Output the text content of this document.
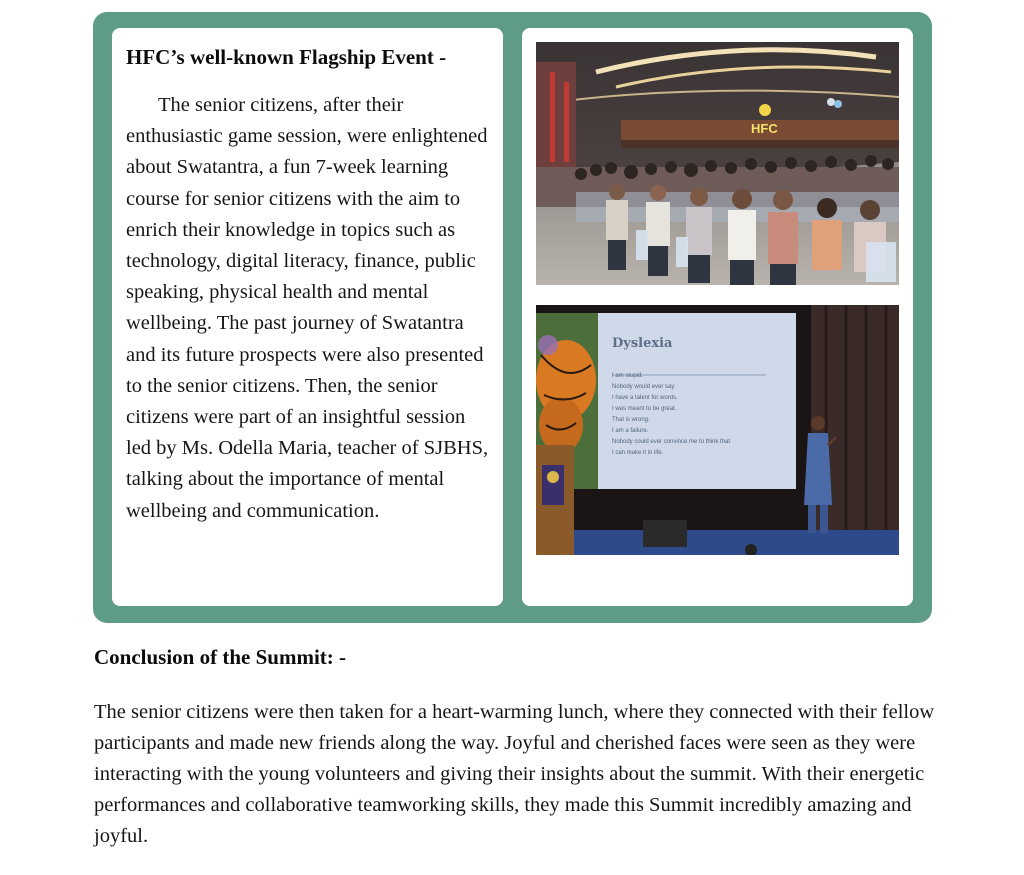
HFC’s well-known Flagship Event -

The senior citizens, after their enthusiastic game session, were enlightened about Swatantra, a fun 7-week learning course for senior citizens with the aim to enrich their knowledge in topics such as technology, digital literacy, finance, public speaking, physical health and mental wellbeing. The past journey of Swatantra and its future prospects were also presented to the senior citizens. Then, the senior citizens were part of an insightful session led by Ms. Odella Maria, teacher of SJBHS, talking about the importance of mental wellbeing and communication.

HFC
Dyslexia
I am stupid.
Nobody would ever say
I have a talent for words.
I was meant to be great.
That is wrong.
I am a failure.
Nobody could ever convince me to think that
I can make it in life.
Conclusion of the Summit: -

The senior citizens were then taken for a heart-warming lunch, where they connected with their fellow participants and made new friends along the way. Joyful and cherished faces were seen as they were interacting with the young volunteers and giving their insights about the summit. With their energetic performances and collaborative teamworking skills, they made this Summit incredibly amazing and joyful.
